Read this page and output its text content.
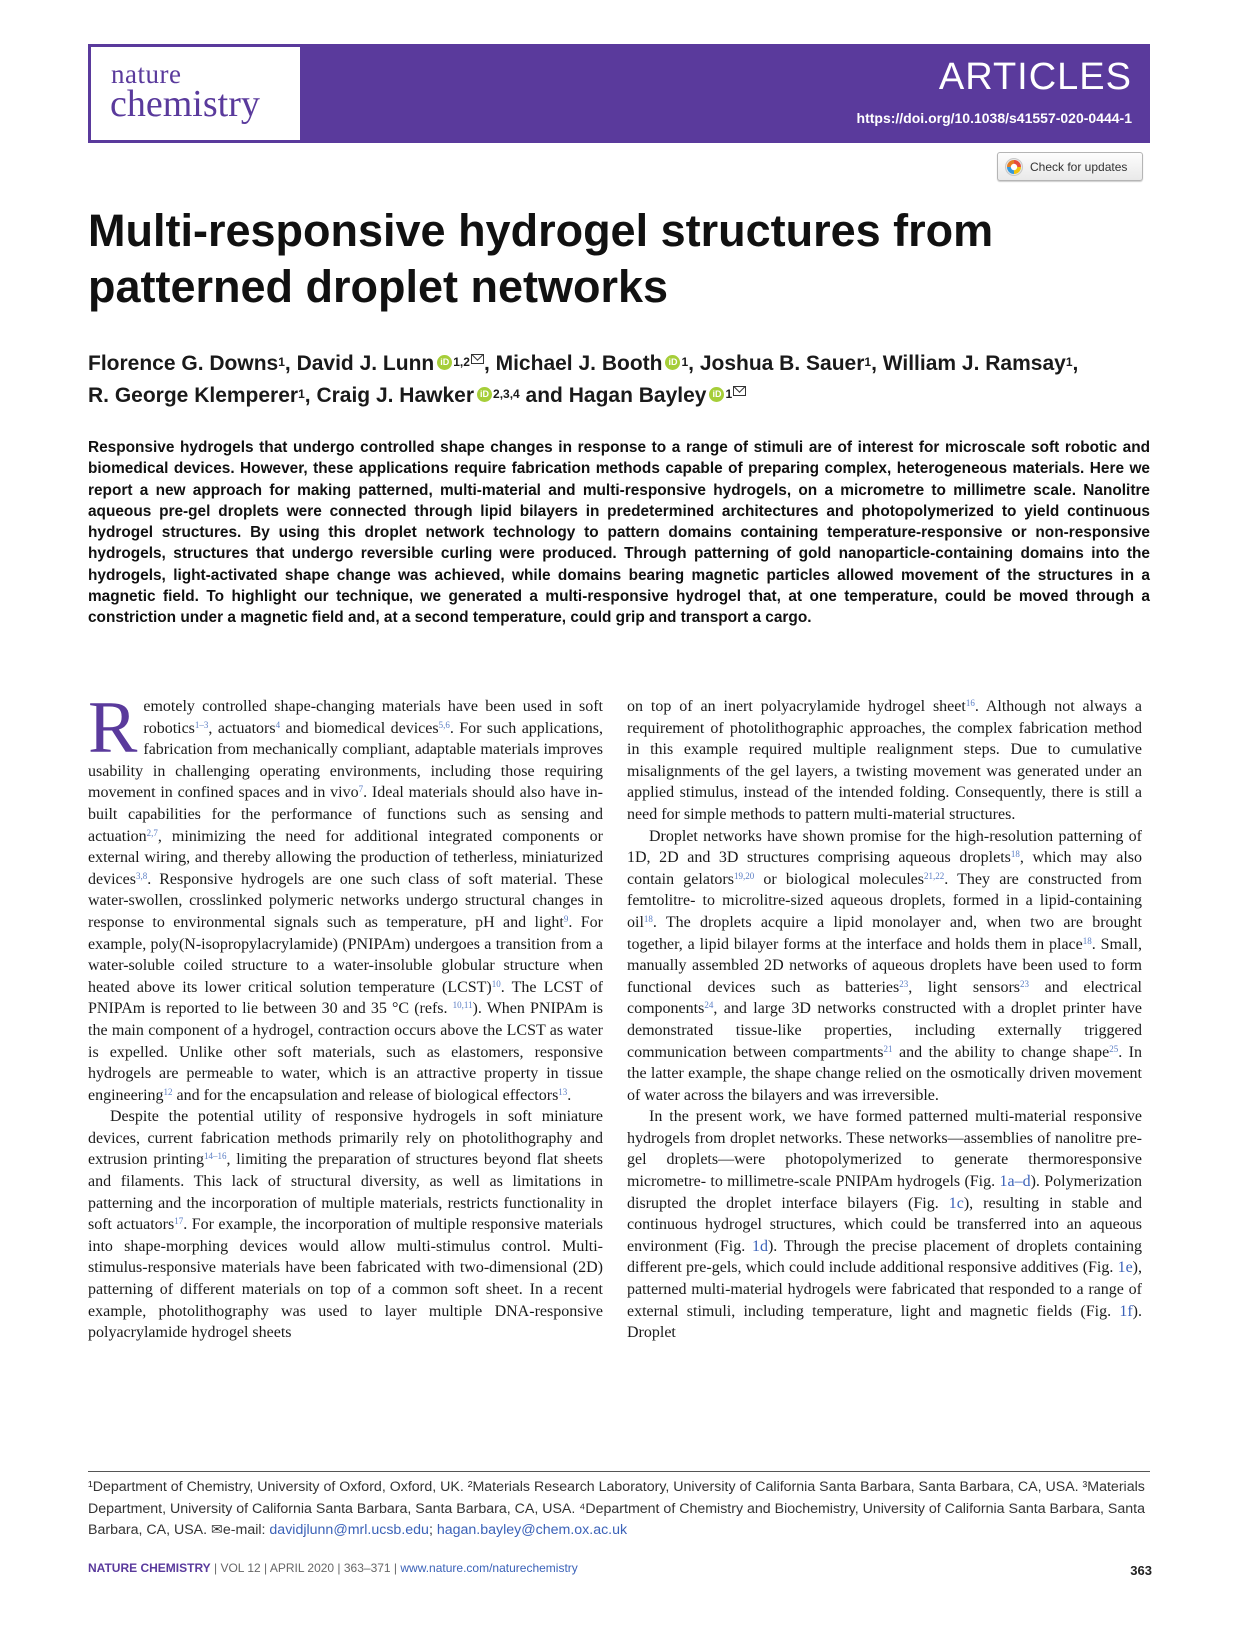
nature
chemistry
ARTICLES
https://doi.org/10.1038/s41557-020-0444-1
Check for updates
Multi-responsive hydrogel structures from patterned droplet networks
Florence G. Downs$^1$, David J. Lunn iD $^{1,2}$ , Michael J. Booth iD $^1$, Joshua B. Sauer$^1$, William J. Ramsay$^1$,
R. George Klemperer$^1$, Craig J. Hawker iD $^{2,3,4}$ and Hagan Bayley iD $^1$
Responsive hydrogels that undergo controlled shape changes in response to a range of stimuli are of interest for microscale soft robotic and biomedical devices. However, these applications require fabrication methods capable of preparing complex, heterogeneous materials. Here we report a new approach for making patterned, multi-material and multi-responsive hydrogels, on a micrometre to millimetre scale. Nanolitre aqueous pre-gel droplets were connected through lipid bilayers in predetermined architectures and photopolymerized to yield continuous hydrogel structures. By using this droplet network technology to pattern domains containing temperature-responsive or non-responsive hydrogels, structures that undergo reversible curling were produced. Through patterning of gold nanoparticle-containing domains into the hydrogels, light-activated shape change was achieved, while domains bearing magnetic particles allowed movement of the structures in a magnetic field. To highlight our technique, we generated a multi-responsive hydrogel that, at one temperature, could be moved through a constriction under a magnetic field and, at a second temperature, could grip and transport a cargo.

Remotely controlled shape-changing materials have been used in soft robotics$^{1-3}$, actuators$^4$ and biomedical devices$^{5,6}$. For such applications, fabrication from mechanically compliant, adaptable materials improves usability in challenging operating environments, including those requiring movement in confined spaces and in vivo$^7$. Ideal materials should also have in-built capabilities for the performance of functions such as sensing and actuation$^{2,7}$, minimizing the need for additional integrated components or external wiring, and thereby allowing the production of tetherless, miniaturized devices$^{3,8}$. Responsive hydrogels are one such class of soft material. These water-swollen, crosslinked polymeric networks undergo structural changes in response to environmental signals such as temperature, pH and light$^9$. For example, poly(N-isopropylacrylamide) (PNIPAm) undergoes a transition from a water-soluble coiled structure to a water-insoluble globular structure when heated above its lower critical solution temperature (LCST)$^{10}$. The LCST of PNIPAm is reported to lie between 30 and 35 °C (refs. $^{10,11}$). When PNIPAm is the main component of a hydrogel, contraction occurs above the LCST as water is expelled. Unlike other soft materials, such as elastomers, responsive hydrogels are permeable to water, which is an attractive property in tissue engineering$^{12}$ and for the encapsulation and release of biological effectors$^{13}$.

Despite the potential utility of responsive hydrogels in soft miniature devices, current fabrication methods primarily rely on photolithography and extrusion printing$^{14-16}$, limiting the preparation of structures beyond flat sheets and filaments. This lack of structural diversity, as well as limitations in patterning and the incorporation of multiple materials, restricts functionality in soft actuators$^{17}$. For example, the incorporation of multiple responsive materials into shape-morphing devices would allow multi-stimulus control. Multi-stimulus-responsive materials have been fabricated with two-dimensional (2D) patterning of different materials on top of a common soft sheet. In a recent example, photolithography was used to layer multiple DNA-responsive polyacrylamide hydrogel sheets

on top of an inert polyacrylamide hydrogel sheet$^{16}$. Although not always a requirement of photolithographic approaches, the complex fabrication method in this example required multiple realignment steps. Due to cumulative misalignments of the gel layers, a twisting movement was generated under an applied stimulus, instead of the intended folding. Consequently, there is still a need for simple methods to pattern multi-material structures.

Droplet networks have shown promise for the high-resolution patterning of 1D, 2D and 3D structures comprising aqueous droplets$^{18}$, which may also contain gelators$^{19,20}$ or biological molecules$^{21,22}$. They are constructed from femtolitre- to microlitre-sized aqueous droplets, formed in a lipid-containing oil$^{18}$. The droplets acquire a lipid monolayer and, when two are brought together, a lipid bilayer forms at the interface and holds them in place$^{18}$. Small, manually assembled 2D networks of aqueous droplets have been used to form functional devices such as batteries$^{23}$, light sensors$^{23}$ and electrical components$^{24}$, and large 3D networks constructed with a droplet printer have demonstrated tissue-like properties, including externally triggered communication between compartments$^{21}$ and the ability to change shape$^{25}$. In the latter example, the shape change relied on the osmotically driven movement of water across the bilayers and was irreversible.

In the present work, we have formed patterned multi-material responsive hydrogels from droplet networks. These networks—assemblies of nanolitre pre-gel droplets—were photopolymerized to generate thermoresponsive micrometre- to millimetre-scale PNIPAm hydrogels (Fig. 1a–d). Polymerization disrupted the droplet interface bilayers (Fig. 1c), resulting in stable and continuous hydrogel structures, which could be transferred into an aqueous environment (Fig. 1d). Through the precise placement of droplets containing different pre-gels, which could include additional responsive additives (Fig. 1e), patterned multi-material hydrogels were fabricated that responded to a range of external stimuli, including temperature, light and magnetic fields (Fig. 1f). Droplet

¹Department of Chemistry, University of Oxford, Oxford, UK. ²Materials Research Laboratory, University of California Santa Barbara, Santa Barbara, CA, USA. ³Materials Department, University of California Santa Barbara, Santa Barbara, CA, USA. ⁴Department of Chemistry and Biochemistry, University of California Santa Barbara, Santa Barbara, CA, USA. ✉e-mail: davidjlunn@mrl.ucsb.edu; hagan.bayley@chem.ox.ac.uk
NATURE CHEMISTRY | VOL 12 | APRIL 2020 | 363–371 | www.nature.com/naturechemistry	363
